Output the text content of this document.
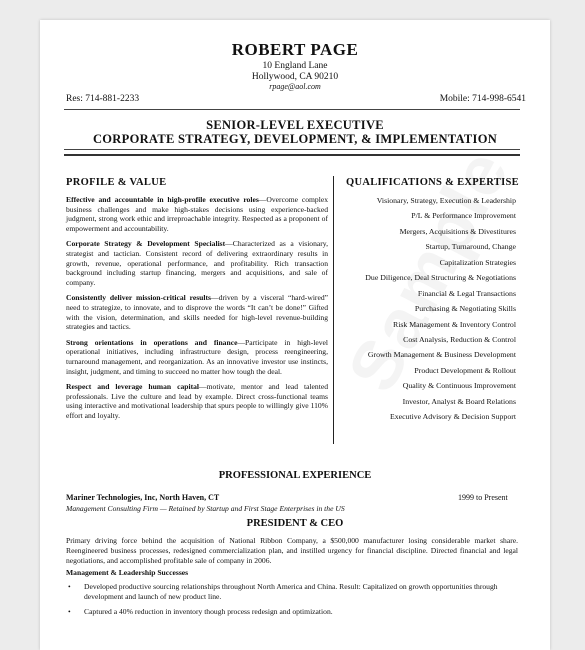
ROBERT PAGE
10 England Lane
Hollywood, CA 90210
rpage@aol.com
Res: 714-881-2233	Mobile: 714-998-6541
SENIOR-LEVEL EXECUTIVE
CORPORATE STRATEGY, DEVELOPMENT, & IMPLEMENTATION
PROFILE & VALUE	QUALIFICATIONS & EXPERTISE

Effective and accountable in high-profile executive roles—Overcome complex business challenges and make high-stakes decisions using experience-backed judgment, strong work ethic and irreproachable integrity. Respected as a proponent of empowerment and accountability.

Corporate Strategy & Development Specialist—Characterized as a visionary, strategist and tactician. Consistent record of delivering extraordinary results in growth, revenue, operational performance, and profitability. Rich transaction background including startup financing, mergers and acquisitions, and sale of company.

Consistently deliver mission-critical results—driven by a visceral “hard-wired” need to strategize, to innovate, and to disprove the words “It can’t be done!” Gifted with the vision, determination, and skills needed for high-level revenue-building strategies and tactics.

Strong orientations in operations and finance—Participate in high-level operational initiatives, including infrastructure design, process reengineering, turnaround management, and reorganization. As an innovative investor use instincts, insight, judgment, and timing to succeed no matter how tough the deal.

Respect and leverage human capital—motivate, mentor and lead talented professionals. Live the culture and lead by example. Direct cross-functional teams using interactive and motivational leadership that spurs people to willingly give 110% effort and loyalty.

Visionary, Strategy, Execution & Leadership
P/L & Performance Improvement
Mergers, Acquisitions & Divestitures
Startup, Turnaround, Change
Capitalization Strategies
Due Diligence, Deal Structuring & Negotiations
Financial & Legal Transactions
Purchasing & Negotiating Skills
Risk Management & Inventory Control
Cost Analysis, Reduction & Control
Growth Management & Business Development
Product Development & Rollout
Quality & Continuous Improvement
Investor, Analyst & Board Relations
Executive Advisory & Decision Support
PROFESSIONAL EXPERIENCE
Mariner Technologies, Inc, North Haven, CT	1999 to Present
Management Consulting Firm — Retained by Startup and First Stage Enterprises in the US
PRESIDENT & CEO
Primary driving force behind the acquisition of National Ribbon Company, a $500,000 manufacturer losing considerable market share. Reengineered business processes, redesigned commercialization plan, and instilled urgency for financial discipline. Directed financial and legal negotiations, and accomplished profitable sale of company in 2006.
Management & Leadership Successes
• Developed productive sourcing relationships throughout North America and China. Result: Capitalized on growth opportunities through development and launch of new product line.
• Captured a 40% reduction in inventory though process redesign and optimization.
